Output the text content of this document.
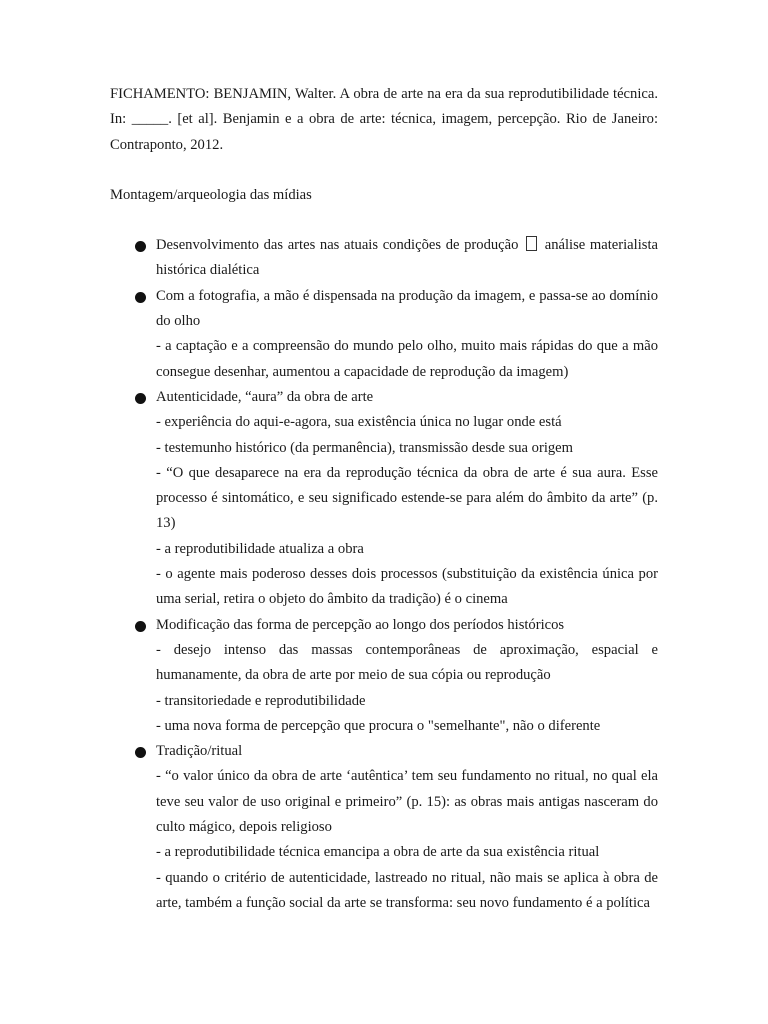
FICHAMENTO: BENJAMIN, Walter. A obra de arte na era da sua reprodutibilidade técnica. In: _____. [et al]. Benjamin e a obra de arte: técnica, imagem, percepção. Rio de Janeiro: Contraponto, 2012.

Montagem/arqueologia das mídias

Desenvolvimento das artes nas atuais condições de produção análise materialista histórica dialética

Com a fotografia, a mão é dispensada na produção da imagem, e passa-se ao domínio do olho

- a captação e a compreensão do mundo pelo olho, muito mais rápidas do que a mão consegue desenhar, aumentou a capacidade de reprodução da imagem)

Autenticidade, “aura” da obra de arte

- experiência do aqui-e-agora, sua existência única no lugar onde está

- testemunho histórico (da permanência), transmissão desde sua origem

- “O que desaparece na era da reprodução técnica da obra de arte é sua aura. Esse processo é sintomático, e seu significado estende-se para além do âmbito da arte” (p. 13)

- a reprodutibilidade atualiza a obra

- o agente mais poderoso desses dois processos (substituição da existência única por uma serial, retira o objeto do âmbito da tradição) é o cinema

Modificação das forma de percepção ao longo dos períodos históricos

- desejo intenso das massas contemporâneas de aproximação, espacial e humanamente, da obra de arte por meio de sua cópia ou reprodução

- transitoriedade e reprodutibilidade

- uma nova forma de percepção que procura o "semelhante", não o diferente

Tradição/ritual

- “o valor único da obra de arte ‘autêntica’ tem seu fundamento no ritual, no qual ela teve seu valor de uso original e primeiro” (p. 15): as obras mais antigas nasceram do culto mágico, depois religioso

- a reprodutibilidade técnica emancipa a obra de arte da sua existência ritual

- quando o critério de autenticidade, lastreado no ritual, não mais se aplica à obra de arte, também a função social da arte se transforma: seu novo fundamento é a política
